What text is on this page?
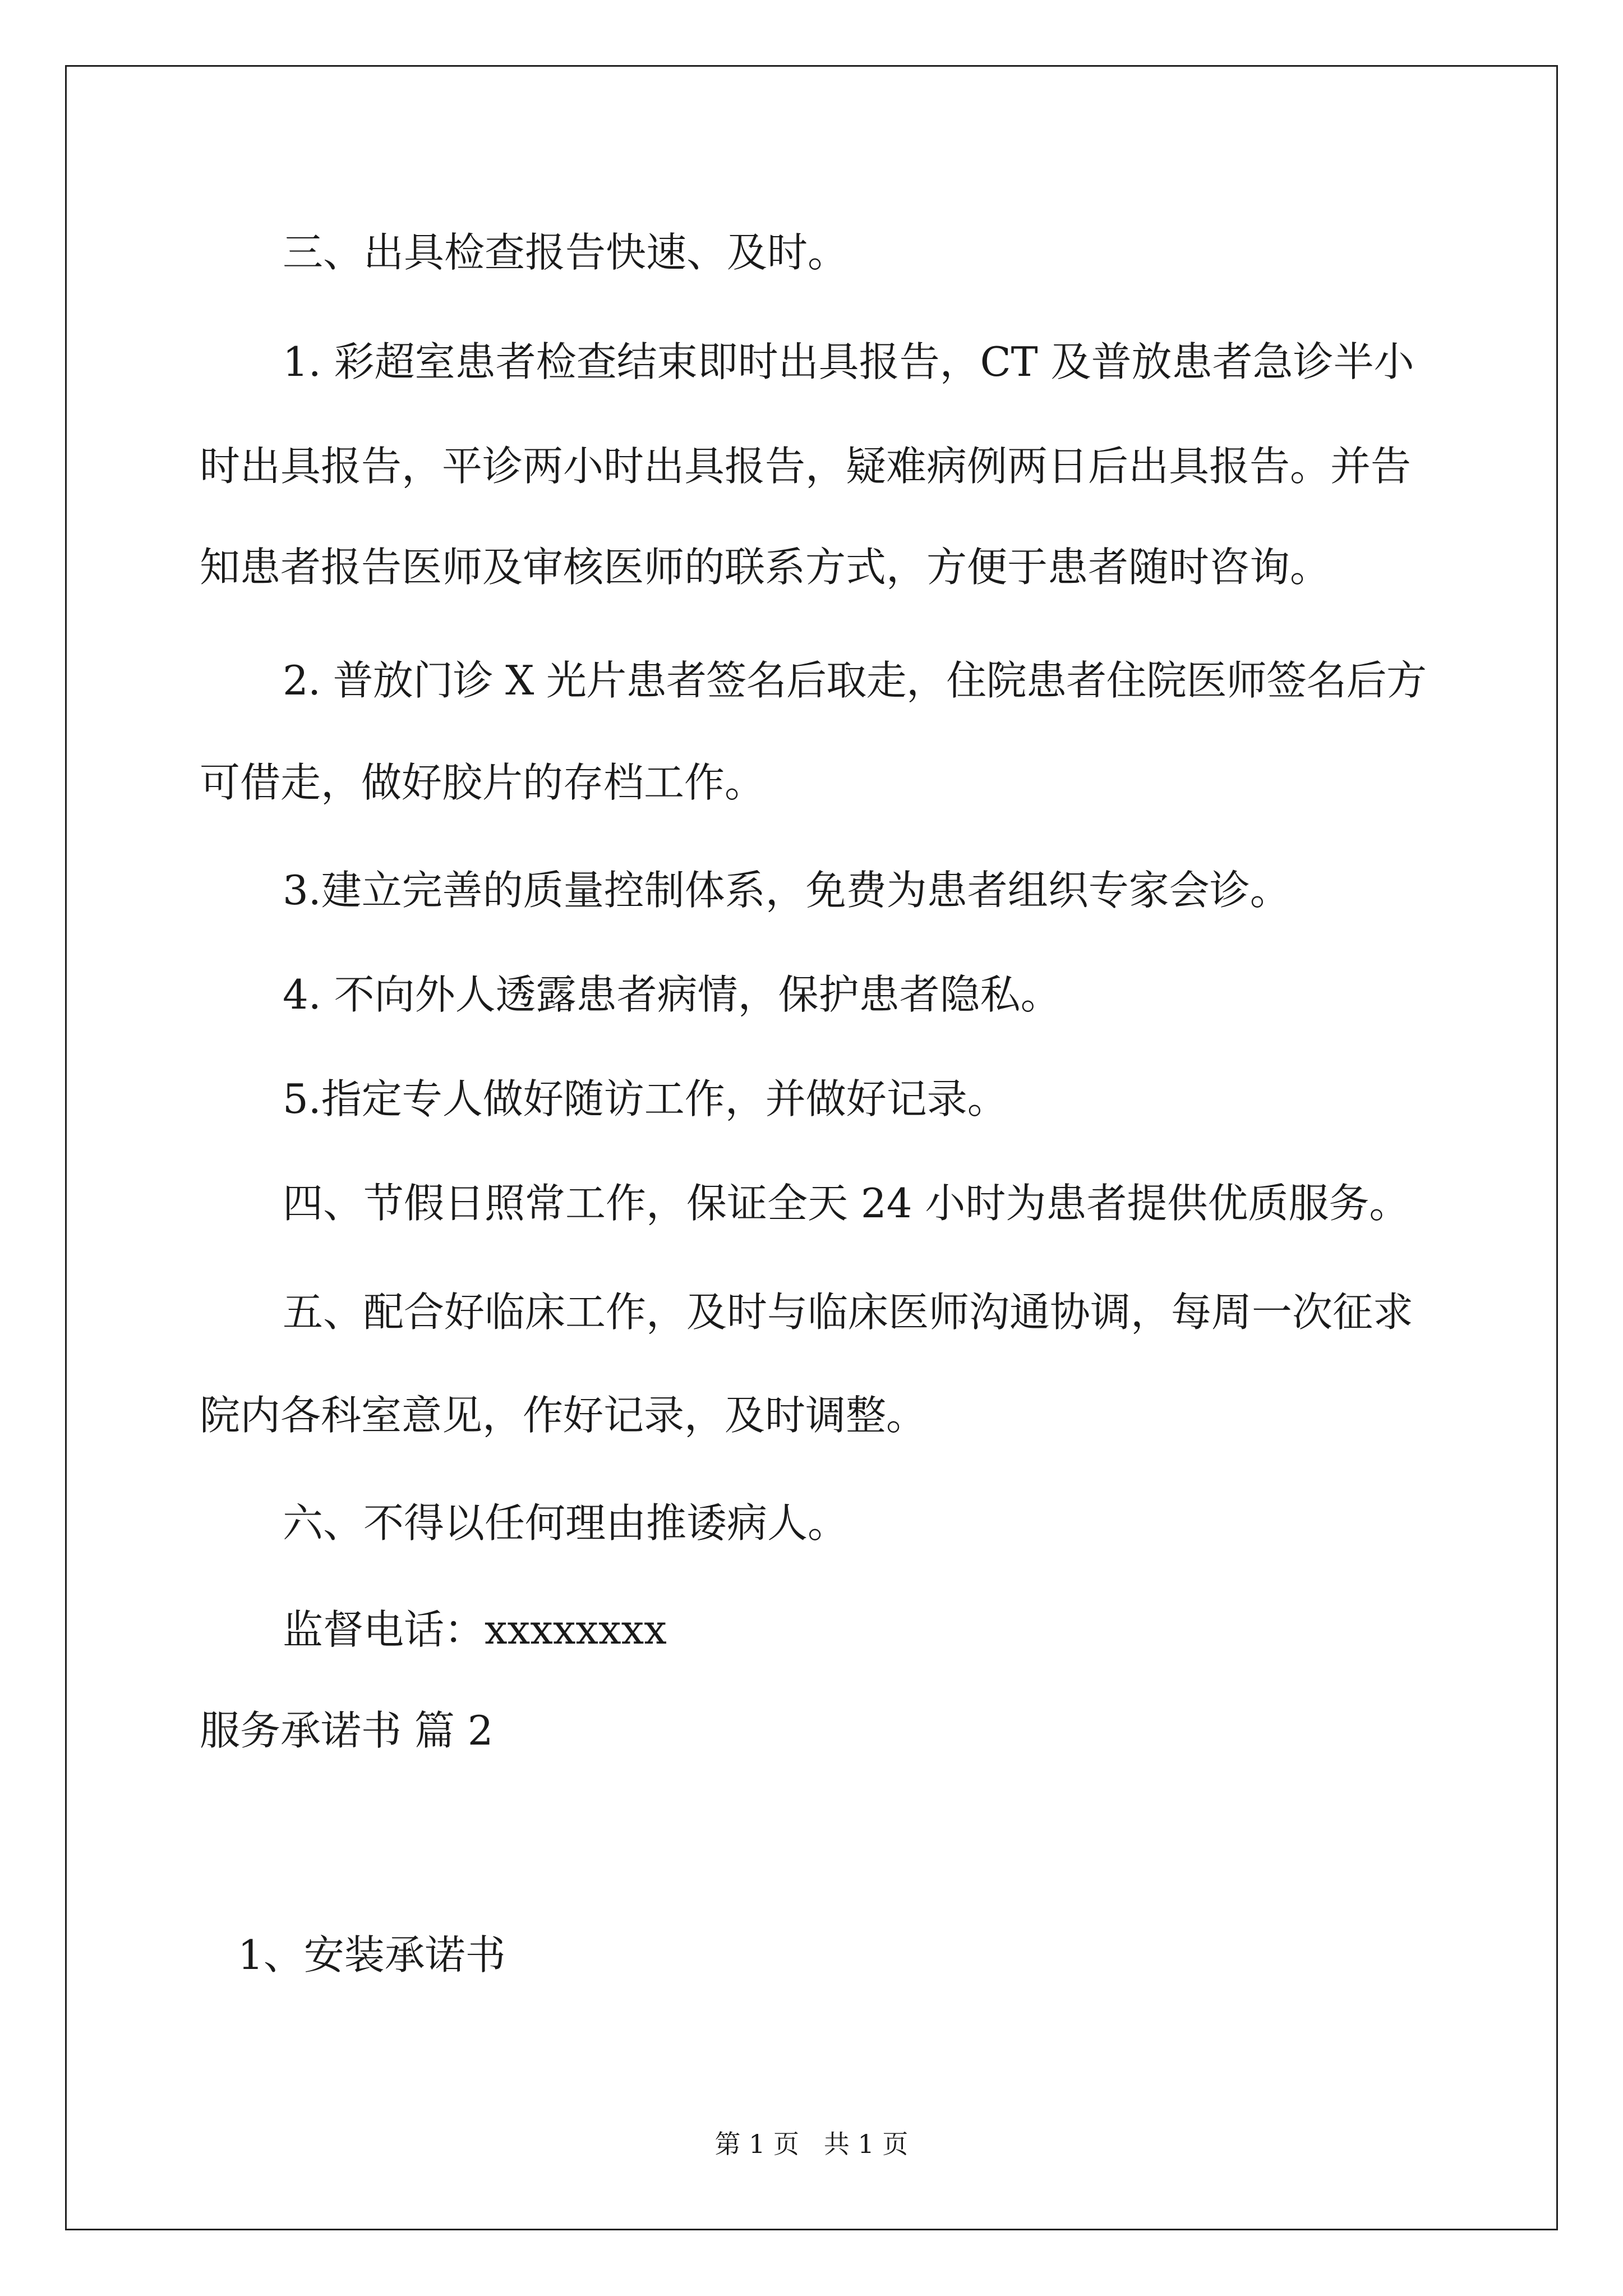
三、出具检查报告快速、及时。

1. 彩超室患者检查结束即时出具报告，CT 及普放患者急诊半小

时出具报告，平诊两小时出具报告，疑难病例两日后出具报告。并告

知患者报告医师及审核医师的联系方式，方便于患者随时咨询。

2. 普放门诊 X 光片患者签名后取走，住院患者住院医师签名后方

可借走，做好胶片的存档工作。

3.建立完善的质量控制体系，免费为患者组织专家会诊。

4. 不向外人透露患者病情，保护患者隐私。

5.指定专人做好随访工作，并做好记录。

四、节假日照常工作，保证全天 24 小时为患者提供优质服务。

五、配合好临床工作，及时与临床医师沟通协调，每周一次征求

院内各科室意见，作好记录，及时调整。

六、不得以任何理由推诿病人。

监督电话：xxxxxxxx

服务承诺书 篇 2

1、安装承诺书

第 1 页   共 1 页
